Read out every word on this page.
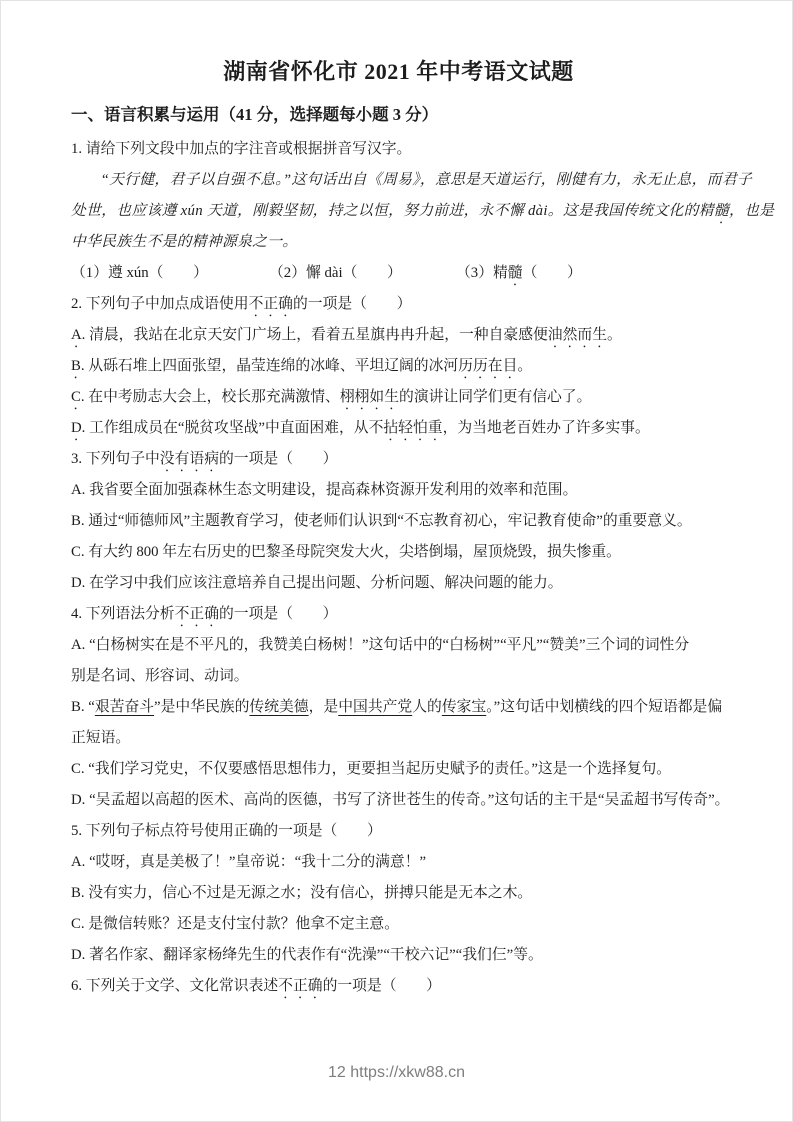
湖南省怀化市 2021 年中考语文试题
一、语言积累与运用（41 分，选择题每小题 3 分）
1. 请给下列文段中加点的字注音或根据拼音写汉字。
“天行健，君子以自强不息。”这句话出自《周易》，意思是天道运行，刚健有力，永无止息，而君子
处世，也应该遵 xún 天道，刚毅坚韧，持之以恒，努力前进，永不懈 dài。这是我国传统文化的精髓，也是
中华民族生不是的精神源泉之一。
（1）遵 xún（　　）	（2）懈 dài（　　）	（3）精髓（　　）
2. 下列句子中加点成语使用不正确的一项是（　　）
A. 清晨，我站在北京天安门广场上，看着五星旗冉冉升起，一种自豪感便油然而生。
B. 从砾石堆上四面张望，晶莹连绵的冰峰、平坦辽阔的冰河历历在目。
C. 在中考励志大会上，校长那充满激情、栩栩如生的演讲让同学们更有信心了。
D. 工作组成员在“脱贫攻坚战”中直面困难，从不拈轻怕重，为当地老百姓办了许多实事。
3. 下列句子中没有语病的一项是（　　）
A. 我省要全面加强森林生态文明建设，提高森林资源开发利用的效率和范围。
B. 通过“师德师风”主题教育学习，使老师们认识到“不忘教育初心，牢记教育使命”的重要意义。
C. 有大约 800 年左右历史的巴黎圣母院突发大火，尖塔倒塌，屋顶烧毁，损失惨重。
D. 在学习中我们应该注意培养自己提出问题、分析问题、解决问题的能力。
4. 下列语法分析不正确的一项是（　　）
A. “白杨树实在是不平凡的，我赞美白杨树！”这句话中的“白杨树”“平凡”“赞美”三个词的词性分
别是名词、形容词、动词。
B. “艰苦奋斗”是中华民族的传统美德，是中国共产党人的传家宝。”这句话中划横线的四个短语都是偏
正短语。
C. “我们学习党史，不仅要感悟思想伟力，更要担当起历史赋予的责任。”这是一个选择复句。
D. “吴孟超以高超的医术、高尚的医德，书写了济世苍生的传奇。”这句话的主干是“吴孟超书写传奇”。
5. 下列句子标点符号使用正确的一项是（　　）
A. “哎呀，真是美极了！”皇帝说：“我十二分的满意！”
B. 没有实力，信心不过是无源之水；没有信心，拼搏只能是无本之木。
C. 是微信转账？还是支付宝付款？他拿不定主意。
D. 著名作家、翻译家杨绛先生的代表作有“洗澡”“干校六记”“我们仨”等。
6. 下列关于文学、文化常识表述不正确的一项是（　　）
12 https://xkw88.cn
